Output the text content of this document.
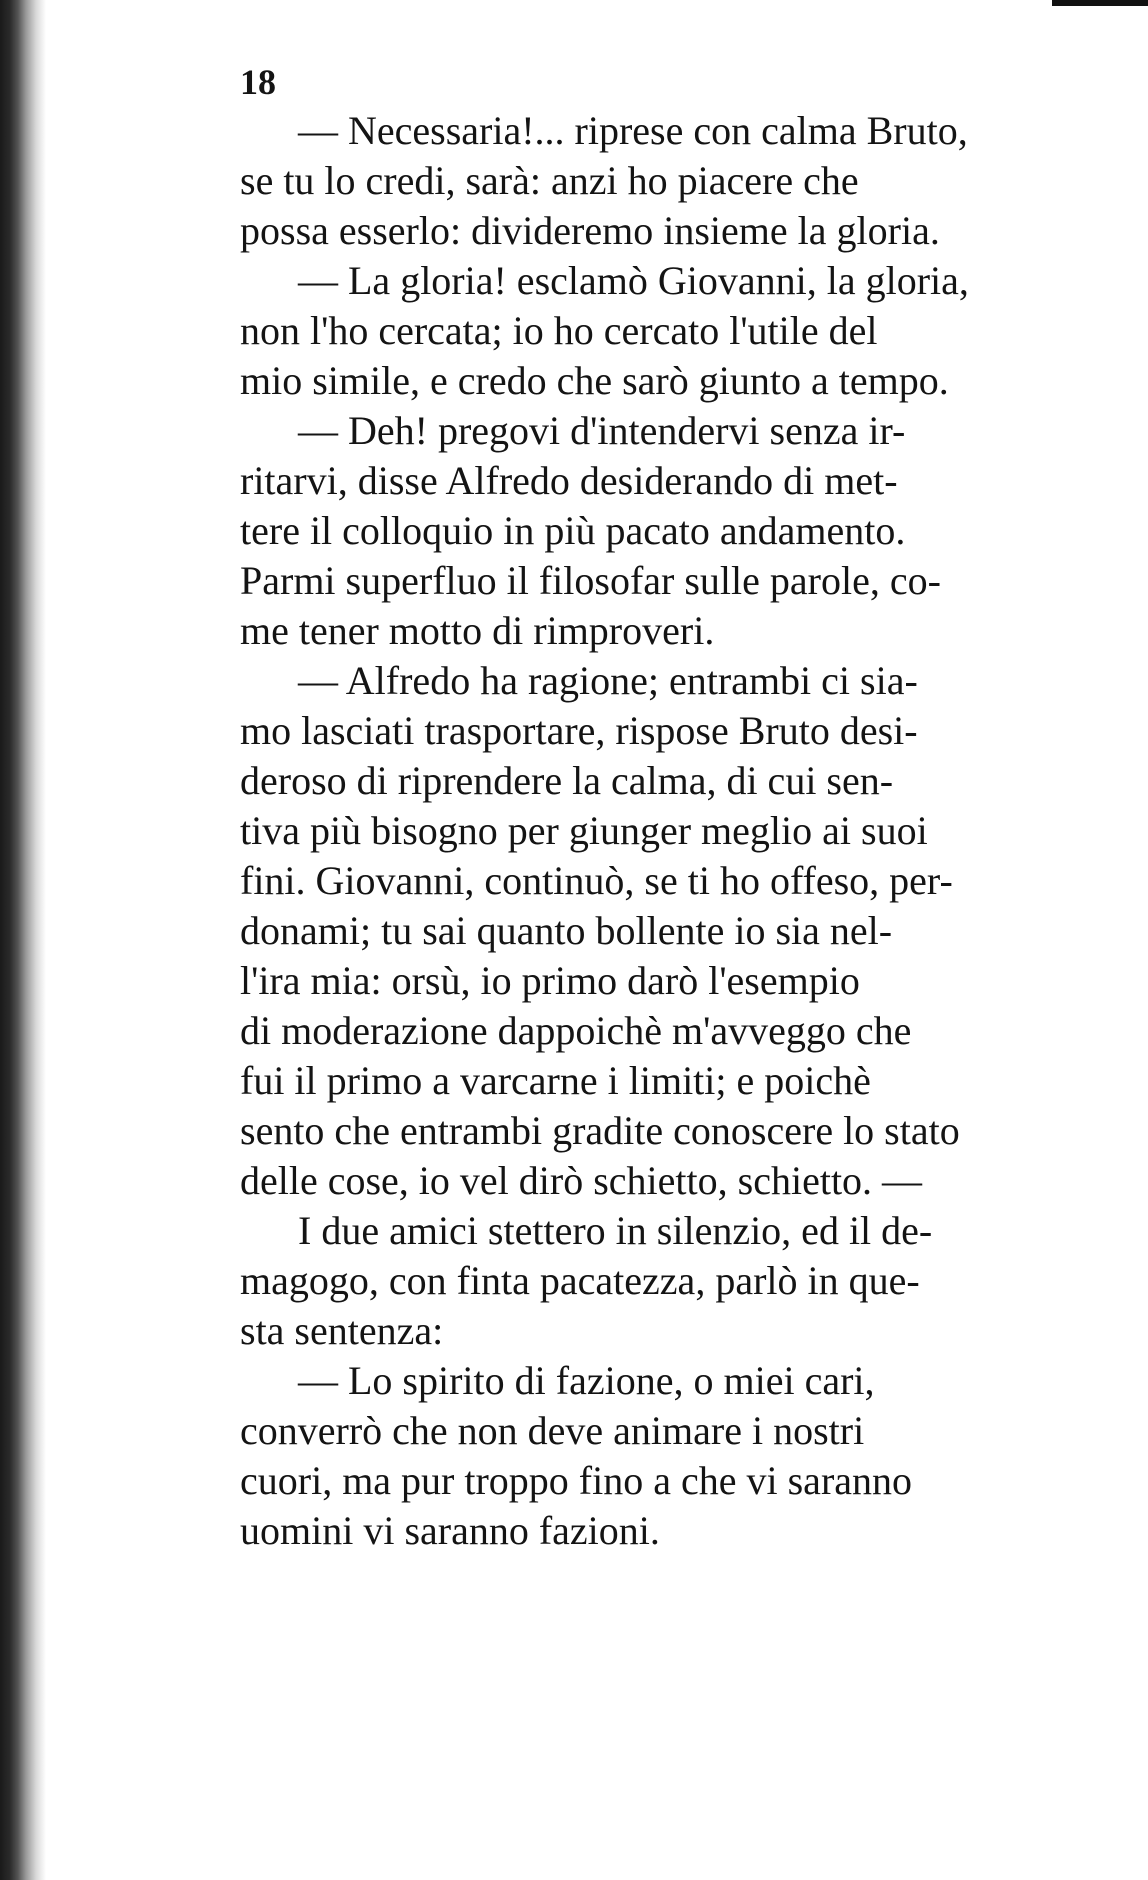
18
— Necessaria!... riprese con calma Bruto,
se tu lo credi, sarà: anzi ho piacere che
possa esserlo: divideremo insieme la gloria.
— La gloria! esclamò Giovanni, la gloria,
non l'ho cercata; io ho cercato l'utile del
mio simile, e credo che sarò giunto a tempo.
— Deh! pregovi d'intendervi senza ir-
ritarvi, disse Alfredo desiderando di met-
tere il colloquio in più pacato andamento.
Parmi superfluo il filosofar sulle parole, co-
me tener motto di rimproveri.
— Alfredo ha ragione; entrambi ci sia-
mo lasciati trasportare, rispose Bruto desi-
deroso di riprendere la calma, di cui sen-
tiva più bisogno per giunger meglio ai suoi
fini. Giovanni, continuò, se ti ho offeso, per-
donami; tu sai quanto bollente io sia nel-
l'ira mia: orsù, io primo darò l'esempio
di moderazione dappoichè m'avveggo che
fui il primo a varcarne i limiti; e poichè
sento che entrambi gradite conoscere lo stato
delle cose, io vel dirò schietto, schietto. —
I due amici stettero in silenzio, ed il de-
magogo, con finta pacatezza, parlò in que-
sta sentenza:
— Lo spirito di fazione, o miei cari,
converrò che non deve animare i nostri
cuori, ma pur troppo fino a che vi saranno
uomini vi saranno fazioni.
